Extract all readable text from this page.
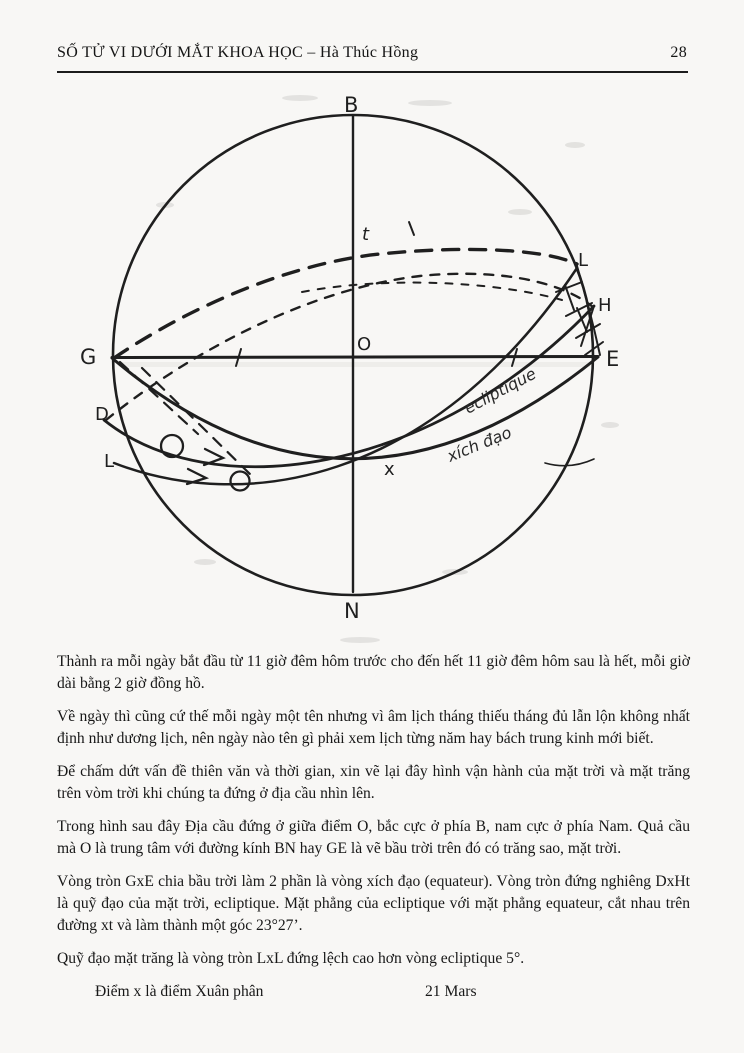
SỐ TỬ VI DƯỚI MẮT KHOA HỌC – Hà Thúc Hồng	28
B
t
L
H
E
O
G
D
L	x
N
ecliptique
xích đạo

Thành ra mỗi ngày bắt đầu từ 11 giờ đêm hôm trước cho đến hết 11 giờ đêm hôm sau là hết, mỗi giờ dài bằng 2 giờ đồng hồ.

Về ngày thì cũng cứ thế mỗi ngày một tên nhưng vì âm lịch tháng thiếu tháng đủ lẫn lộn không nhất định như dương lịch, nên ngày nào tên gì phải xem lịch từng năm hay bách trung kinh mới biết.

Để chấm dứt vấn đề thiên văn và thời gian, xin vẽ lại đây hình vận hành của mặt trời và mặt trăng trên vòm trời khi chúng ta đứng ở địa cầu nhìn lên.

Trong hình sau đây Địa cầu đứng ở giữa điểm O, bắc cực ở phía B, nam cực ở phía Nam. Quả cầu mà O là trung tâm với đường kính BN hay GE là vẽ bầu trời trên đó có trăng sao, mặt trời.

Vòng tròn GxE chia bầu trời làm 2 phần là vòng xích đạo (equateur). Vòng tròn đứng nghiêng DxHt là quỹ đạo của mặt trời, ecliptique. Mặt phẳng của ecliptique với mặt phẳng equateur, cắt nhau trên đường xt và làm thành một góc 23°27’.

Quỹ đạo mặt trăng là vòng tròn LxL đứng lệch cao hơn vòng ecliptique 5°.

Điểm x là điểm Xuân phân	21 Mars
